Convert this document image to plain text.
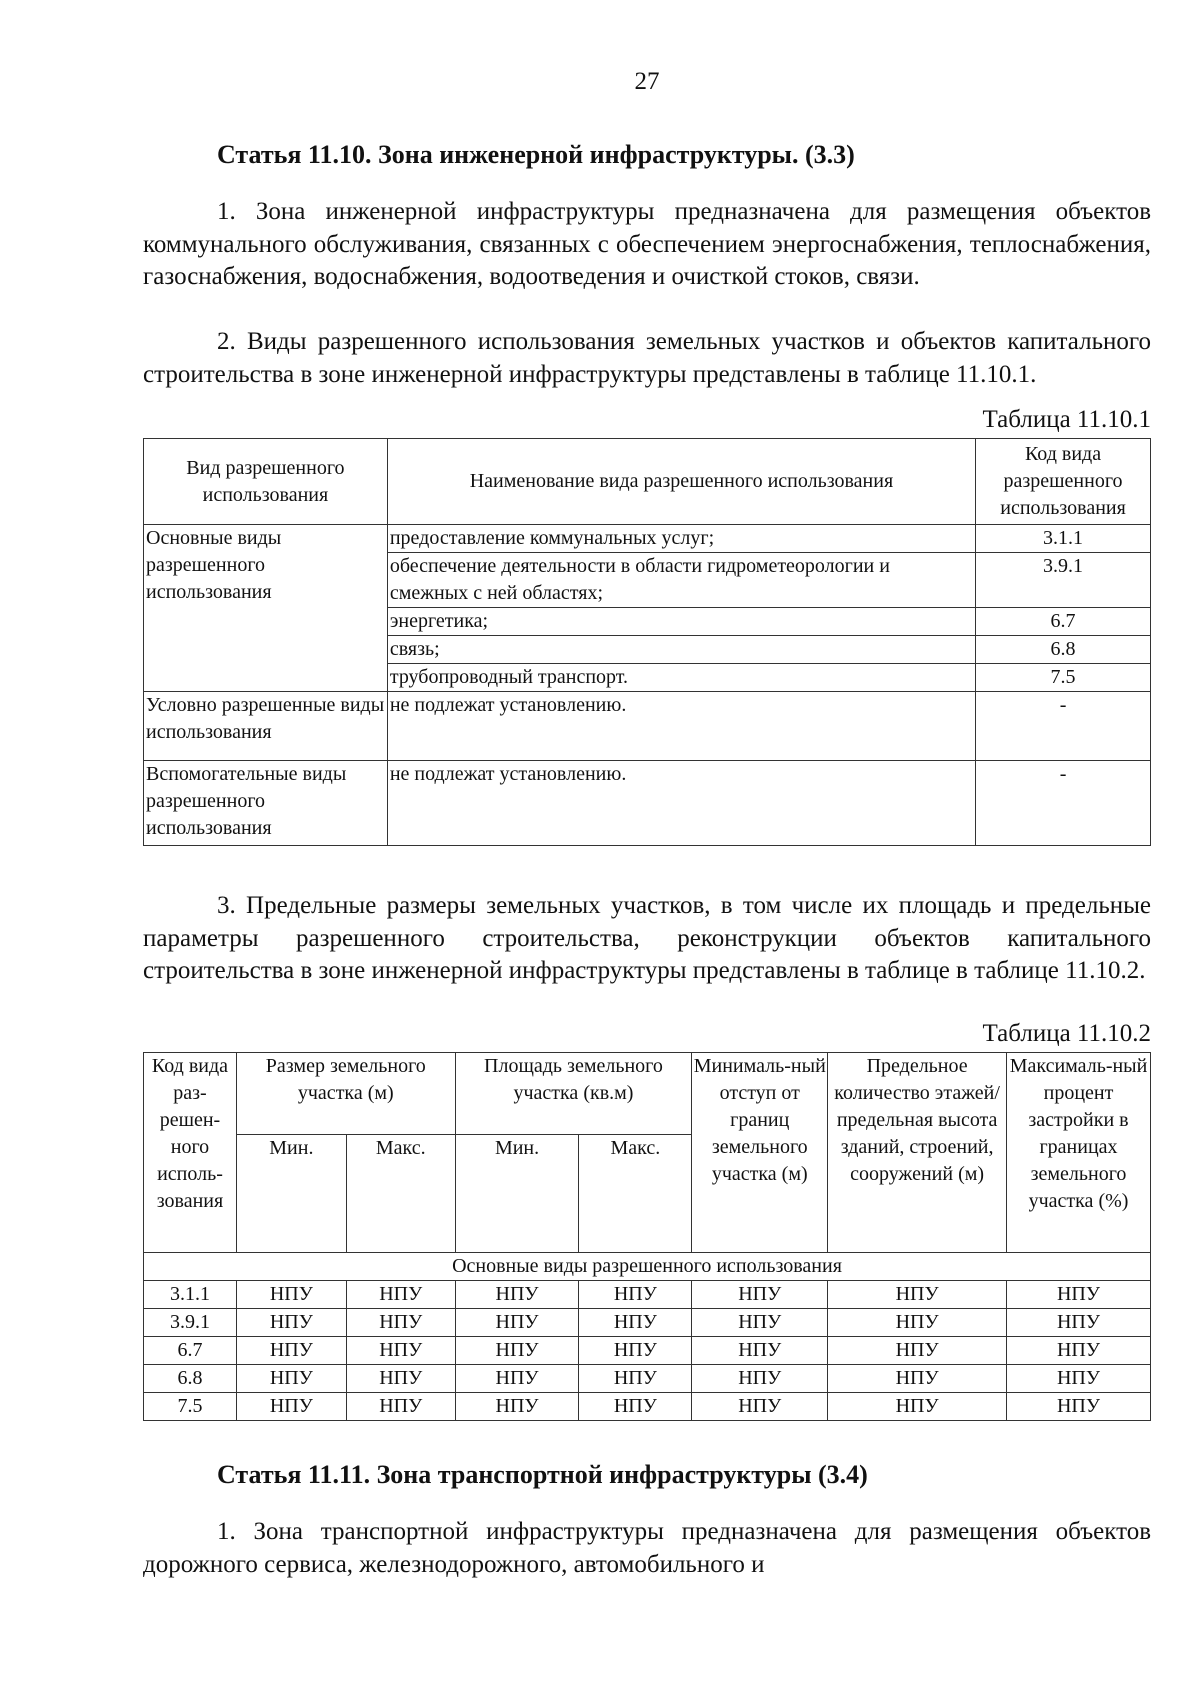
27
Статья 11.10. Зона инженерной инфраструктуры. (3.3)

1. Зона инженерной инфраструктуры предназначена для размещения объектов коммунального обслуживания, связанных с обеспечением энергоснабжения, теплоснабжения, газоснабжения, водоснабжения, водоотведения и очисткой стоков, связи.

2. Виды разрешенного использования земельных участков и объектов капитального строительства в зоне инженерной инфраструктуры представлены в таблице 11.10.1.

Таблица 11.10.1
Вид разрешенного использования	Наименование вида разрешенного использования	Код вида разрешенного использования
Основные виды разрешенного использования	предоставление коммунальных услуг;	3.1.1
	обеспечение деятельности в области гидрометеорологии и смежных с ней областях;	3.9.1
	энергетика;	6.7
	связь;	6.8
	трубопроводный транспорт.	7.5
Условно разрешенные виды использования	не подлежат установлению.	-
Вспомогательные виды разрешенного использования	не подлежат установлению.	-

3. Предельные размеры земельных участков, в том числе их площадь и предельные параметры разрешенного строительства, реконструкции объектов капитального строительства в зоне инженерной инфраструктуры представлены в таблице в таблице 11.10.2.

Таблица 11.10.2
Код вида раз-решен-ного исполь-зования	Размер земельного участка (м)		Площадь земельного участка (кв.м)		Минималь-ный отступ от границ земельного участка (м)	Предельное количество этажей/ предельная высота зданий, строений, сооружений (м)	Максималь-ный процент застройки в границах земельного участка (%)
	Мин.	Макс.	Мин.	Макс.			
Основные виды разрешенного использования							
3.1.1	НПУ	НПУ	НПУ	НПУ	НПУ	НПУ	НПУ
3.9.1	НПУ	НПУ	НПУ	НПУ	НПУ	НПУ	НПУ
6.7	НПУ	НПУ	НПУ	НПУ	НПУ	НПУ	НПУ
6.8	НПУ	НПУ	НПУ	НПУ	НПУ	НПУ	НПУ
7.5	НПУ	НПУ	НПУ	НПУ	НПУ	НПУ	НПУ
Статья 11.11. Зона транспортной инфраструктуры (3.4)

1. Зона транспортной инфраструктуры предназначена для размещения объектов дорожного сервиса, железнодорожного, автомобильного и
